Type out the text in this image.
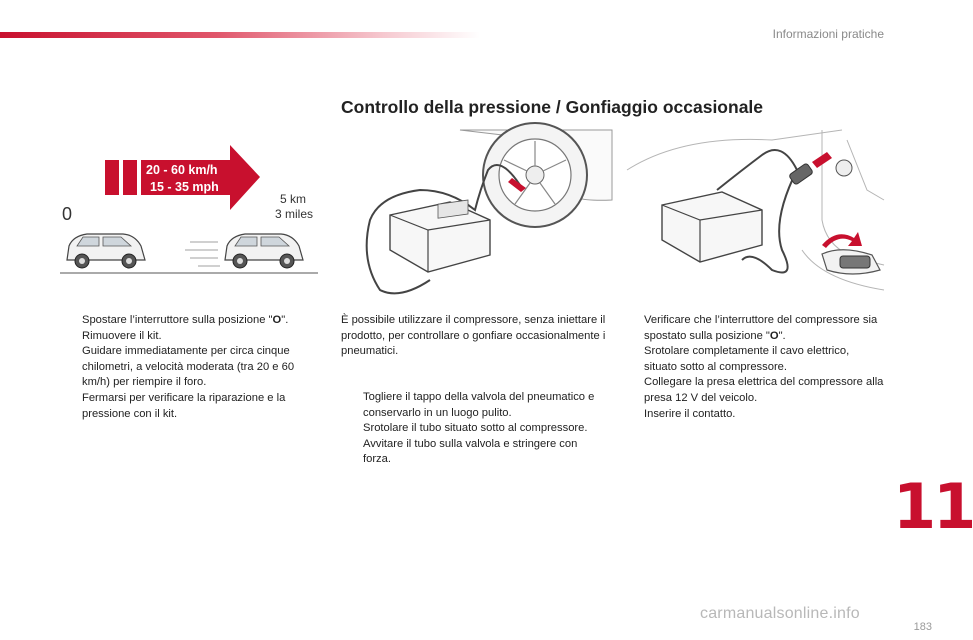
Informazioni pratiche
Controllo della pressione / Gonfiaggio occasionale
20 - 60 km/h
15 - 35 mph
0
5 km
3 miles
Spostare l’interruttore sulla posizione "O".
Rimuovere il kit.
Guidare immediatamente per circa cinque chilometri, a velocità moderata (tra 20 e 60 km/h) per riempire il foro.
Fermarsi per verificare la riparazione e la pressione con il kit.

È possibile utilizzare il compressore, senza iniettare il prodotto, per controllare o gonfiare occasionalmente i pneumatici.

Togliere il tappo della valvola del pneumatico e conservarlo in un luogo pulito.
Srotolare il tubo situato sotto al compressore.
Avvitare il tubo sulla valvola e stringere con forza.
Verificare che l’interruttore del compressore sia spostato sulla posizione "O".
Srotolare completamente il cavo elettrico, situato sotto al compressore.
Collegare la presa elettrica del compressore alla presa 12 V del veicolo.
Inserire il contatto.
11
carmanualsonline.info
183
